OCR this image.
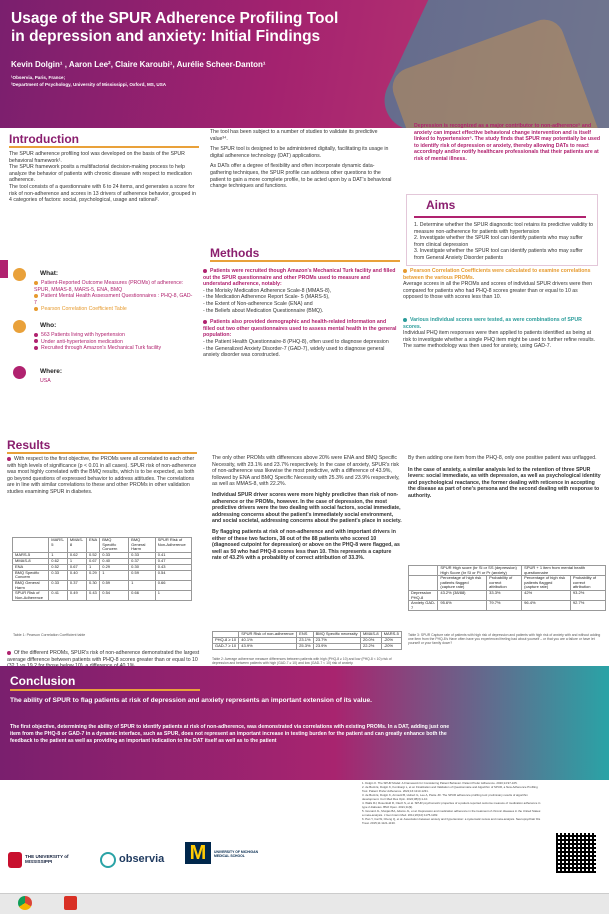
Usage of the SPUR Adherence Profiling Tool
in depression and anxiety: Initial Findings
Kevin Dolgin¹ , Aaron Lee², Claire Karoubi¹, Aurélie Scheer-Danton¹
¹Observia, Paris, France;
²Department of Psychology, University of Mississippi, Oxford, MS, USA
Introduction
The SPUR adherence profiling tool was developed on the basis of the SPUR behavioral framework¹.
The SPUR framework posits a multifactorial decision-making process to help analyze the behavior of patients with chronic disease with respect to medication adherence.
The tool consists of a questionnaire with 6 to 24 items, and generates a score for risk of non-adherence and scores in 13 drivers of adherence behavior, grouped in 4 categories of factors: social, psychological, usage and rational².
The tool has been subject to a number of studies to validate its predictive value³⁴.
The SPUR tool is designed to be administered digitally, facilitating its usage in digital adherence technology (DAT) applications.
As DATs offer a degree of flexibility and often incorporate dynamic data-gathering techniques, the SPUR profile can address other questions to the patient to gain a more complete profile, to be acted upon by a DAT's behavioral change techniques and functions.
Depression is recognized as a major contributor to non-adherence⁵ and anxiety can impact effective behavioral change intervention and is itself linked to hypertension⁶. The study finds that SPUR may potentially be used to identify risk of depression or anxiety, thereby allowing DATs to react accordingly and/or notify healthcare professionals that their patients are at risk of mental illness.
Aims
1. Determine whether the SPUR diagnostic tool retains its predictive validity to measure non-adherence for patients with hypertension
2. Investigate whether the SPUR tool can identify patients who may suffer from clinical depression
3. Investigate whether the SPUR tool can identify patients who may suffer from General Anxiety Disorder patients
What:
Patient-Reported Outcome Measures (PROMs) of adherence: SPUR, MMAS-8, MARS-5, ENA, BMQ
Patient Mental Health Assessment Questionnaires : PHQ-8, GAD-7
Pearson Correlation Coefficient Table
Who:
563 Patients living with hypertension
Under anti-hypertension medication
Recruited through Amazon's Mechanical Turk facility
Where:
USA
Methods
Patients were recruited though Amazon's Mechanical Turk facility and filled out the SPUR questionnaire and other PROMs used to measure and understand adherence, notably:
- the Morisky Medication Adherence Scale-8 (MMAS-8),
- the Medication Adherence Report Scale- 5 (MARS-5),
- the Extent of Non-adherence Scale (ENA) and
- the Beliefs about Medication Questionnaire (BMQ).
Patients also provided demographic and health-related information and filled out two other questionnaires used to assess mental health in the general population:
- the Patient Health Questionnaire-8 (PHQ-8), often used to diagnose depression
- the Generalized Anxiety Disorder-7 (GAD-7), widely used to diagnose general anxiety disorder was constructed.
Pearson Correlation Coefficients were calculated to examine correlations between the various PROMs.
Average scores in all the PROMs and scores of individual SPUR drivers were then compared for patients who had PHQ-8 scores greater than or equal to 10 as opposed to those with scores less than 10.
Various individual scores were tested, as were combinations of SPUR scores.
Individual PHQ item responses were then applied to patients identified as being at risk to investigate whether a single PHQ item might be used to further refine results. The same methodology was then used for anxiety, using GAD-7.
Results
With respect to the first objective, the PROMs were all correlated to each other with high levels of significance (p < 0.01 in all cases). SPUR risk of non-adherence was most highly correlated with the BMQ results, which is to be expected, as both go beyond questions of expressed behavior to address attitudes. The correlations are in line with similar correlations to these and other PROMs in other validation studies examining SPUR in diabetes.
	MARS-5	MMAS-8	ENA	BMQ Specific Concern	BMQ General Harm	SPUR Risk of Non-Adherence
MARS-5	1	0.62	0.52	0.33	0.33	0.41
MMAS-8	0.62	1	0.67	0.40	0.37	0.47
ENA	0.52	0.67	1	0.29	0.30	0.43
BMQ Specific Concern	0.33	0.40	0.29	1	0.59	0.54
BMQ General Harm	0.33	0.37	0.30	0.59	1	0.66
SPUR Risk of Non-Adherence	0.41	0.49	0.43	0.54	0.66	1
Table 1: Pearson Correlation Coefficient table
Of the different PROMs, SPUR's risk of non-adherence demonstrated the largest average difference between patients with PHQ-8 scores greater than or equal to 10
The only other PROMs with differences above 20% were ENA and BMQ Specific Necessity, with 23.1% and 23.7% respectively. In the case of anxiety, SPUR's risk of non-adherence was likewise the most predictive, with a difference of 43.9%, followed by ENA and BMQ Specific Necessity with 25.3% and 23.9% respectively, as well as MMAS-8, with 22.2%.
Individual SPUR driver scores were more highly predictive than risk of non-adherence or the PROMs, however. In the case of depression, the most predictive drivers were the two dealing with social factors, social immediate, addressing concerns about the patient's immediately social environment, and social societal, addressing concerns about the patient's place in society.
By flagging patients at risk of non-adherence and with important drivers in either of these two factors, 38 out of the 88 patients who scored 10 (diagnosed cutpoint for depression) or above on the PHQ-8 were flagged, as well as 50 who had PHQ-8 scores less than 10. This represents a capture rate of 43.2% with a probability of correct attribution of 33.3%.
	SPUR Risk of non-adherence	ENS	BMQ Specific necessity	MMAS-8	MARS-5
PHQ-8 ≥ 10	40.1%	23.1%	23.7%	20.0%	-20%
GAD-7 ≥ 10	43.9%	25.3%	23.9%	22.2%	-20%
Table 2: Average adherence measure differences between patients with high (PHQ-8 ≥ 10) and low (PHQ-8 < 10) risk of depression and between patients with high (GAD-7 ≥ 10) and low (GAD-7 < 10) risk of anxiety.
By then adding one item from the PHQ-8, only one positive patient was unflagged.
In the case of anxiety, a similar analysis led to the retention of three SPUR levers: social immediate, as with depression, as well as psychological identity and psychological reactance, the former dealing with reticence in accepting the disease as part of one's persona and the second dealing with response to authority.
	SPUR High score (br Si or SS (depression) High Score (br SI or PI or Pr (anxiety)		SPUR + 1 item from mental health questionnaire	
	Percentage of high risk patients flagged (capture rate)	Probability of correct attribution	Percentage of high risk patients flagged (capture rate)	Probability of correct attribution
Depression PHQ-8	43.2% (38/88)	33.3%	42%	93.2%
Anxiety GAD-7	95.6%	79.7%	96.4%	92.7%
Table 3: SPUR Capture rate of patients with high risk of depression and patients with high risk of anxiety with and without adding one item from the PHQ-8's Have often have you experienced feeling bad about yourself – or that you are a failure or have let yourself or your family down?
Conclusion
The ability of SPUR to flag patients at risk of depression and anxiety represents an important extension of its value.
The first objective, determining the ability of SPUR to identify patients at risk of non-adherence, was demonstrated via correlations with existing PROMs. In a DAT, adding just one item from the PHQ-8 or GAD-7 in a dynamic interface, such as SPUR, does not represent an important increase in testing burden for the patient and can greatly enhance both the feedback to the patient as well as providing an important indication to the DAT itself as well as to the patient
1. Dolgin K. The SPUR Model: A Framework for Considering Patient Behavior. Patient Prefer Adherence. 2020;14:97-105.
2. de Bock E, Dolgin K, Kombargi L, et al. Finalization and Validation of Questionnaire and Algorithm of SPUR, a New Adherence Profiling Tool. Patient Prefer Adherence. 2022;16:1213-1231.
3. de Bock E, Dolgin K, Arnould B, Hubert G, Lee A, Piette JD. The SPUR adherence profiling tool: preliminary results of algorithm development. Curr Med Res Opin. 2022;38(3):1-10.
4. Walls RJ, Rosenfeld R, Olech S, et al. SPUR psychometric properties of a patient-reported outcome measure of medication adherence in type 2 diabetes. BMJ Open. 2021;11(9).
5. Grenard JL, Munjas BA, Adams JL, et al. Depression and medication adherence in the treatment of chronic diseases in the United States: a meta-analysis. J Gen Intern Med. 2011;26(10):1175-1182.
6. Pan Y, Cai W, Cheng Q, et al. Association between anxiety and hypertension: a systematic review and meta-analysis. Neuropsychiatr Dis Treat. 2015;11:1121-1130.
THE UNIVERSITY of MISSISSIPPI	observia M	UNIVERSITY OF MICHIGAN MEDICAL SCHOOL
